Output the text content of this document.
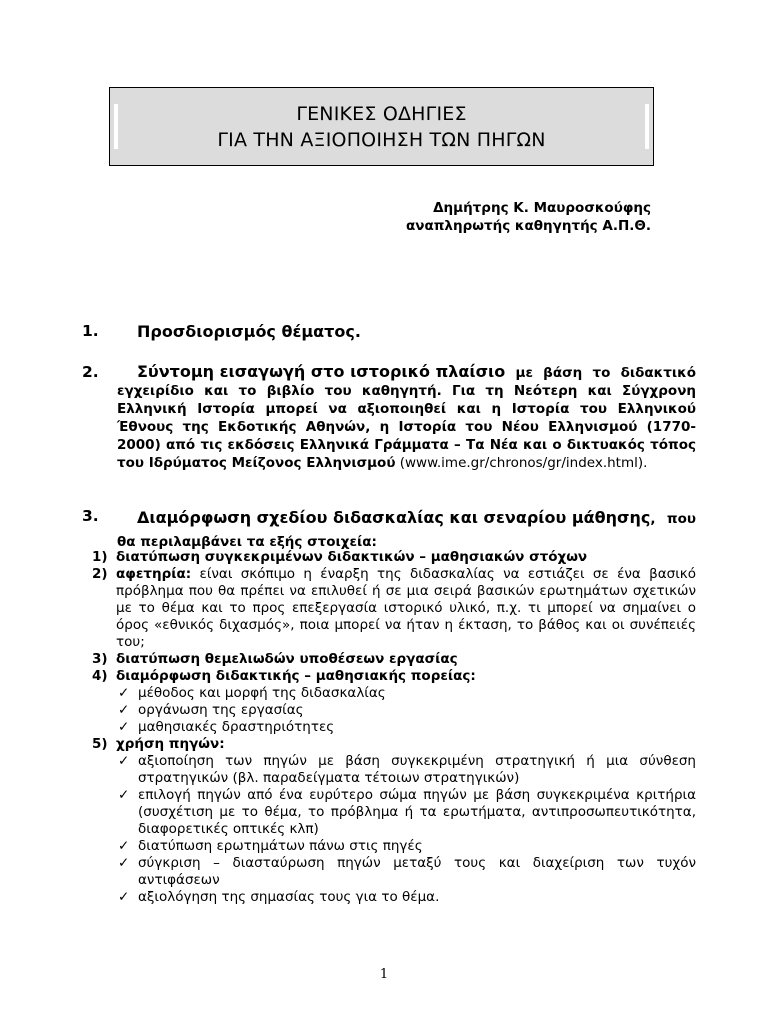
ΓΕΝΙΚΕΣ ΟΔΗΓΙΕΣ
ΓΙΑ ΤΗΝ ΑΞΙΟΠΟΙΗΣΗ ΤΩΝ ΠΗΓΩΝ
Δημήτρης Κ. Μαυροσκούφης
αναπληρωτής καθηγητής Α.Π.Θ.
1. Προσδιορισμός θέματος.
2.	Σύντομη εισαγωγή στο ιστορικό πλαίσιο με βάση το διδακτικό εγχειρίδιο και το βιβλίο του καθηγητή. Για τη Νεότερη και Σύγχρονη Ελληνική Ιστορία μπορεί να αξιοποιηθεί και η Ιστορία του Ελληνικού Έθνους της Εκδοτικής Αθηνών, η Ιστορία του Νέου Ελληνισμού (1770-2000) από τις εκδόσεις Ελληνικά Γράμματα – Τα Νέα και ο δικτυακός τόπος του Ιδρύματος Μείζονος Ελληνισμού (www.ime.gr/chronos/gr/index.html).
3.	Διαμόρφωση σχεδίου διδασκαλίας και σεναρίου μάθησης, που θα περιλαμβάνει τα εξής στοιχεία:
1) διατύπωση συγκεκριμένων διδακτικών – μαθησιακών στόχων
2) αφετηρία: είναι σκόπιμο η έναρξη της διδασκαλίας να εστιάζει σε ένα βασικό πρόβλημα που θα πρέπει να επιλυθεί ή σε μια σειρά βασικών ερωτημάτων σχετικών με το θέμα και το προς επεξεργασία ιστορικό υλικό, π.χ. τι μπορεί να σημαίνει ο όρος «εθνικός διχασμός», ποια μπορεί να ήταν η έκταση, το βάθος και οι συνέπειές του;
3) διατύπωση θεμελιωδών υποθέσεων εργασίας
4) διαμόρφωση διδακτικής – μαθησιακής πορείας:
✓ μέθοδος και μορφή της διδασκαλίας
✓ οργάνωση της εργασίας
✓ μαθησιακές δραστηριότητες
5) χρήση πηγών:
✓ αξιοποίηση των πηγών με βάση συγκεκριμένη στρατηγική ή μια σύνθεση στρατηγικών (βλ. παραδείγματα τέτοιων στρατηγικών)
✓ επιλογή πηγών από ένα ευρύτερο σώμα πηγών με βάση συγκεκριμένα κριτήρια (συσχέτιση με το θέμα, το πρόβλημα ή τα ερωτήματα, αντιπροσωπευτικότητα, διαφορετικές οπτικές κλπ)
✓ διατύπωση ερωτημάτων πάνω στις πηγές
✓ σύγκριση – διασταύρωση πηγών μεταξύ τους και διαχείριση των τυχόν αντιφάσεων
✓ αξιολόγηση της σημασίας τους για το θέμα.
1
